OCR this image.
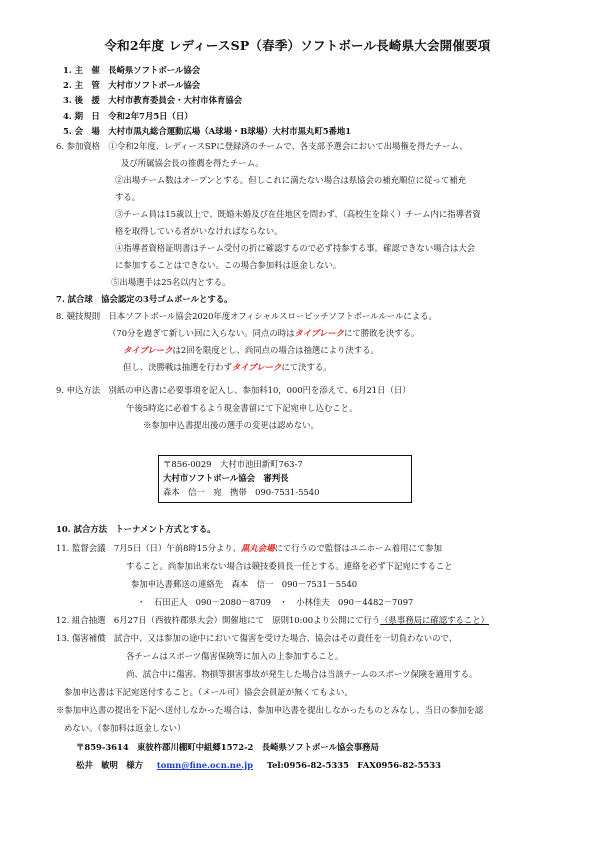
令和2年度 レディースSP（春季）ソフトボール長崎県大会開催要項
1. 主　催　長崎県ソフトボール協会
2. 主　管　大村市ソフトボール協会
3. 後　援　大村市教育委員会・大村市体育協会
4. 期　日　令和2年7月5日（日）
5. 会　場　大村市黒丸総合運動広場（A球場・B球場）大村市黒丸町5番地1
6. 参加資格　①令和2年度、レディースSPに登録済のチームで、各支部予選会において出場権を得たチーム、
及び所属協会長の推薦を得たチーム。
②出場チーム数はオープンとする。但しこれに満たない場合は県協会の補充順位に従って補充
する。
③チーム員は15歳以上で、既婚未婚及び在住地区を問わず、（高校生を除く）チーム内に指導者資
格を取得している者がいなければならない。
④指導者資格証明書はチーム受付の折に確認するので必ず持参する事。確認できない場合は大会
に参加することはできない。この場合参加料は返金しない。
⑤出場選手は25名以内とする。
7. 試合球　協会認定の3号ゴムボールとする。
8. 競技規則　日本ソフトボール協会2020年度オフィシャルスローピッチソフトボールルールによる。
（70分を過ぎて新しい回に入らない。同点の時はタイブレークにて勝敗を決する。
タイブレークは2回を限度とし、尚同点の場合は抽選により決する。
但し、決勝戦は抽選を行わずタイブレークにて決する。
9. 申込方法　別紙の申込書に必要事項を記入し、参加料10，000円を添えて、6月21日（日）
午後5時迄に必着するよう現金書留にて下記宛申し込むこと。
※参加申込書提出後の選手の変更は認めない。
〒856-0029　大村市池田新町763-7
大村市ソフトボール協会　審判長
森本　信一　宛　携帯　090-7531-5540
10. 試合方法　トーナメント方式とする。
11. 監督会議　7月5日（日）午前8時15分より、黒丸会場にて行うので監督はユニホーム着用にて参加
すること。尚参加出来ない場合は競技委員長一任とする。連絡を必ず下記宛にすること
参加申込書郵送の連絡先　森本　信一　090－7531－5540
・　石田正人　090－2080－8709　・　小林佳夫　090－4482－7097
12. 組合抽選　6月27日（西彼杵郡県大会）開催地にて　原則10:00より公開にて行う（県事務局に確認すること）
13. 傷害補償　試合中、又は参加の途中において傷害を受けた場合、協会はその責任を一切負わないので、
各チームはスポーツ傷害保険等に加入の上参加すること。
尚、試合中に傷害、物損等損害事故が発生した場合は当該チームのスポーツ保険を適用する。
参加申込書は下記宛送付すること。（メール可）協会会員証が無くてもよい。
※参加申込書の提出を下記へ送付しなかった場合は、参加申込書を提出しなかったものとみなし、当日の参加を認
めない。（参加料は返金しない）
〒859-3614　東彼杵郡川棚町中組郷1572-2　長崎県ソフトボール協会事務局
松井　敏明　様方 tomn@fine.ocn.ne.jp Tel:0956-82-5335　FAX0956-82-5533
